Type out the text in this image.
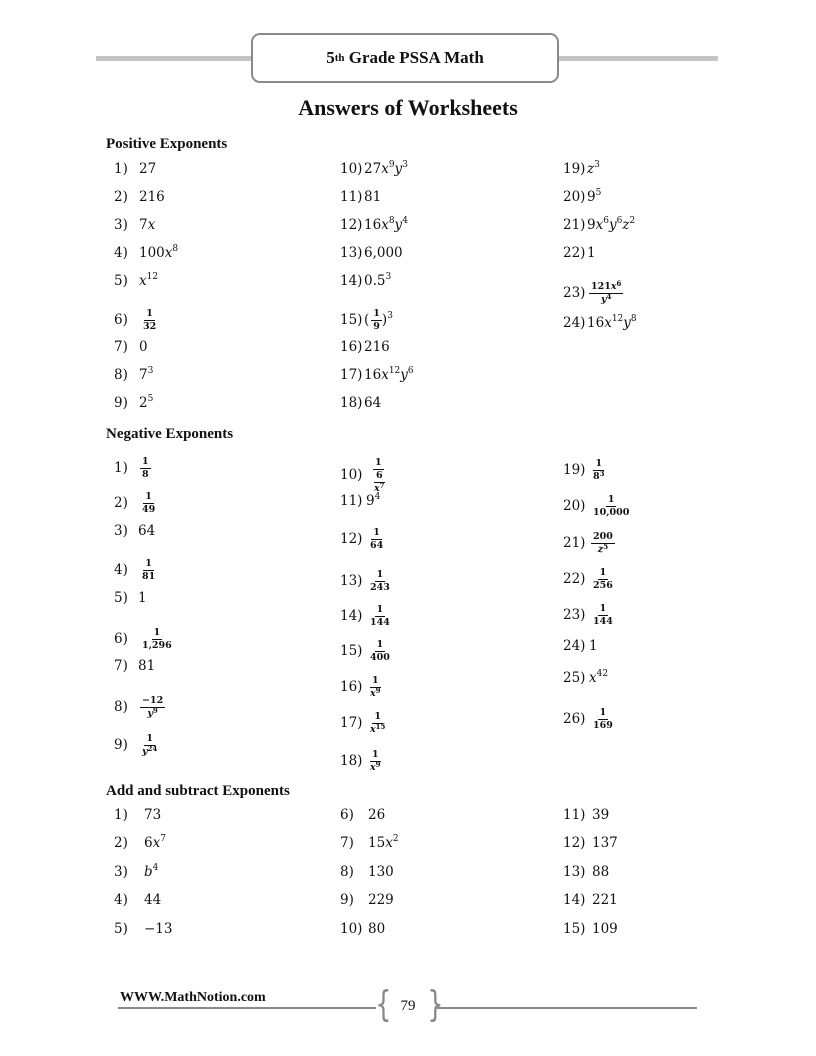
5 th Grade PSSA Math
Answers of Worksheets
Positive Exponents
Negative Exponents
Add and subtract Exponents
1) 27
2) 216
3) 7x
4) $100x^8$
5) $x^{12}$
6)	$\frac{1}{32}$
7) 0
8) $7^3$
9) $2^5$
10) $27x^9y^3$
11) 81
12) $16x^8y^4$
13) 6,000
14) $0.5^3$
15) ( $\frac{1}{9} )^3$
16) 216
17) $16x^{12}y^6$
18) 64
19) $z^3$
20) $9^5$
21) $9x^6y^6z^2$
22) 1
$23) \frac{121x^6}{y^4}$
24) $16x^{12}y^8$
1)	$\frac{1}{8}$
2)	$\frac{1}{49}$
3) 64
4)	$\frac{1}{81}$
5) 1
6)	$\frac{1}{1,296}$
7) 81
8)	$\frac{-12}{y^9}$
9)	$\frac{1}{y^{24}}$
$10) \frac{1}{\frac{6}{x^7}}$
11) $9^4$
$12) \frac{1}{64}$
$13) \frac{1}{243}$
$14) \frac{1}{144}$
$15) \frac{1}{400}$
$16) \frac{1}{x^9}$
$17) \frac{1}{x^{15}}$
$18) \frac{1}{x^9}$
$19) \frac{1}{8^3}$
$20) \frac{1}{10,000}$
$21) \frac{200}{z^5}$
$22) \frac{1}{256}$
$23) \frac{1}{144}$
24) 1
25) $x^{42}$
$26) \frac{1}{169}$
1)	73
2)	$6x^7$
3)	$b^4$
4)	44
5)	−13
6)	26
7)	$15x^2$
8)	130
9)	229
10) 80
11) 39
12) 137
13) 88
14) 221
15) 109
WWW.MathNotion.com	{ }
79
